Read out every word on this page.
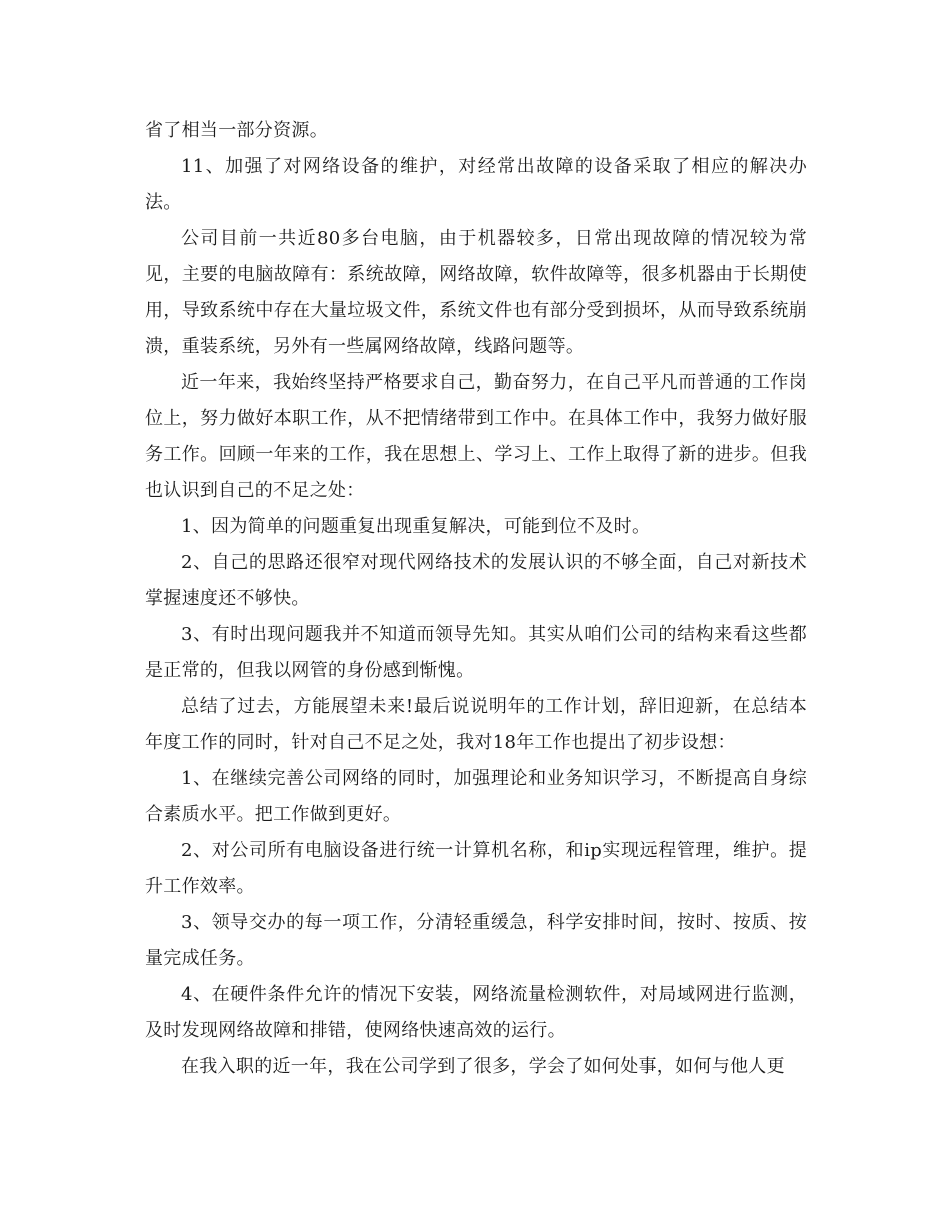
省了相当一部分资源。

11、加强了对网络设备的维护，对经常出故障的设备采取了相应的解决办法。

公司目前一共近80多台电脑，由于机器较多，日常出现故障的情况较为常见，主要的电脑故障有：系统故障，网络故障，软件故障等，很多机器由于长期使用，导致系统中存在大量垃圾文件，系统文件也有部分受到损坏，从而导致系统崩溃，重装系统，另外有一些属网络故障，线路问题等。

近一年来，我始终坚持严格要求自己，勤奋努力，在自己平凡而普通的工作岗位上，努力做好本职工作，从不把情绪带到工作中。在具体工作中，我努力做好服务工作。回顾一年来的工作，我在思想上、学习上、工作上取得了新的进步。但我也认识到自己的不足之处：

1、因为简单的问题重复出现重复解决，可能到位不及时。

2、自己的思路还很窄对现代网络技术的发展认识的不够全面，自己对新技术掌握速度还不够快。

3、有时出现问题我并不知道而领导先知。其实从咱们公司的结构来看这些都是正常的，但我以网管的身份感到惭愧。

总结了过去，方能展望未来!最后说说明年的工作计划，辞旧迎新，在总结本年度工作的同时，针对自己不足之处，我对18年工作也提出了初步设想：

1、在继续完善公司网络的同时，加强理论和业务知识学习，不断提高自身综合素质水平。把工作做到更好。

2、对公司所有电脑设备进行统一计算机名称，和ip实现远程管理，维护。提升工作效率。

3、领导交办的每一项工作，分清轻重缓急，科学安排时间，按时、按质、按量完成任务。

4、在硬件条件允许的情况下安装，网络流量检测软件，对局域网进行监测，及时发现网络故障和排错，使网络快速高效的运行。

在我入职的近一年，我在公司学到了很多，学会了如何处事，如何与他人更
